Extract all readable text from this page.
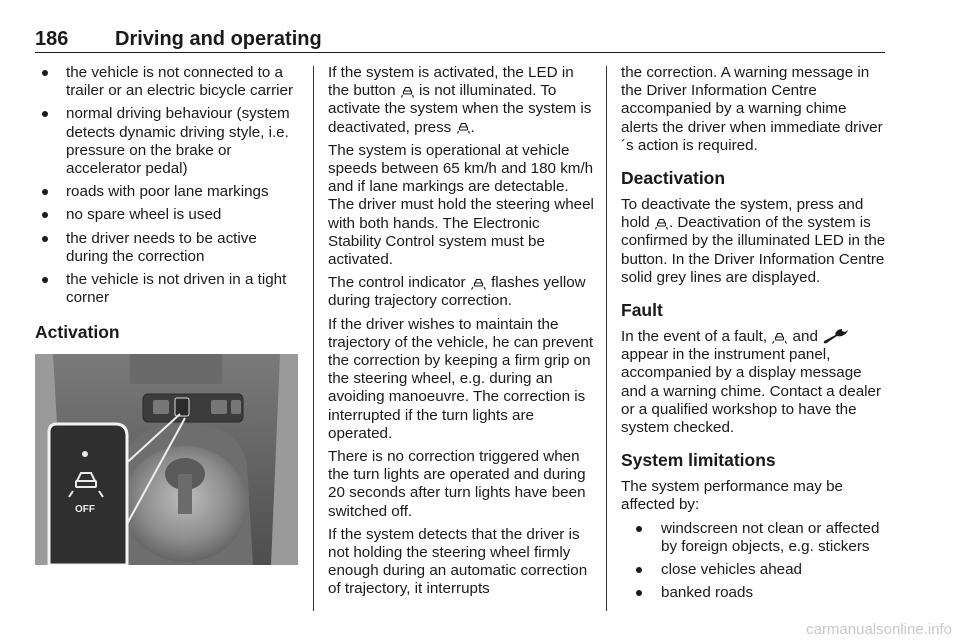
186 Driving and operating
the vehicle is not connected to a trailer or an electric bicycle carrier
normal driving behaviour (system detects dynamic driving style, i.e. pressure on the brake or accelerator pedal)
roads with poor lane markings
no spare wheel is used
the driver needs to be active during the correction
the vehicle is not driven in a tight corner
Activation
OFF

If the system is activated, the LED in the button is not illuminated. To activate the system when the system is deactivated, press .

The system is operational at vehicle speeds between 65 km/h and 180 km/h and if lane markings are detectable. The driver must hold the steering wheel with both hands. The Electronic Stability Control system must be activated.

The control indicator flashes yellow during trajectory correction.

If the driver wishes to maintain the trajectory of the vehicle, he can prevent the correction by keeping a firm grip on the steering wheel, e.g. during an avoiding manoeuvre. The correction is interrupted if the turn lights are operated.

There is no correction triggered when the turn lights are operated and during 20 seconds after turn lights have been switched off.

If the system detects that the driver is not holding the steering wheel firmly enough during an automatic correction of trajectory, it interrupts

the correction. A warning message in the Driver Information Centre accompanied by a warning chime alerts the driver when immediate driver´s action is required.

Deactivation

To deactivate the system, press and hold . Deactivation of the system is confirmed by the illuminated LED in the button. In the Driver Information Centre solid grey lines are displayed.

Fault

In the event of a fault, and
appear in the instrument panel, accompanied by a display message and a warning chime. Contact a dealer or a qualified workshop to have the system checked.

System limitations

The system performance may be affected by:

windscreen not clean or affected by foreign objects, e.g. stickers
close vehicles ahead
banked roads
carmanualsonline.info
